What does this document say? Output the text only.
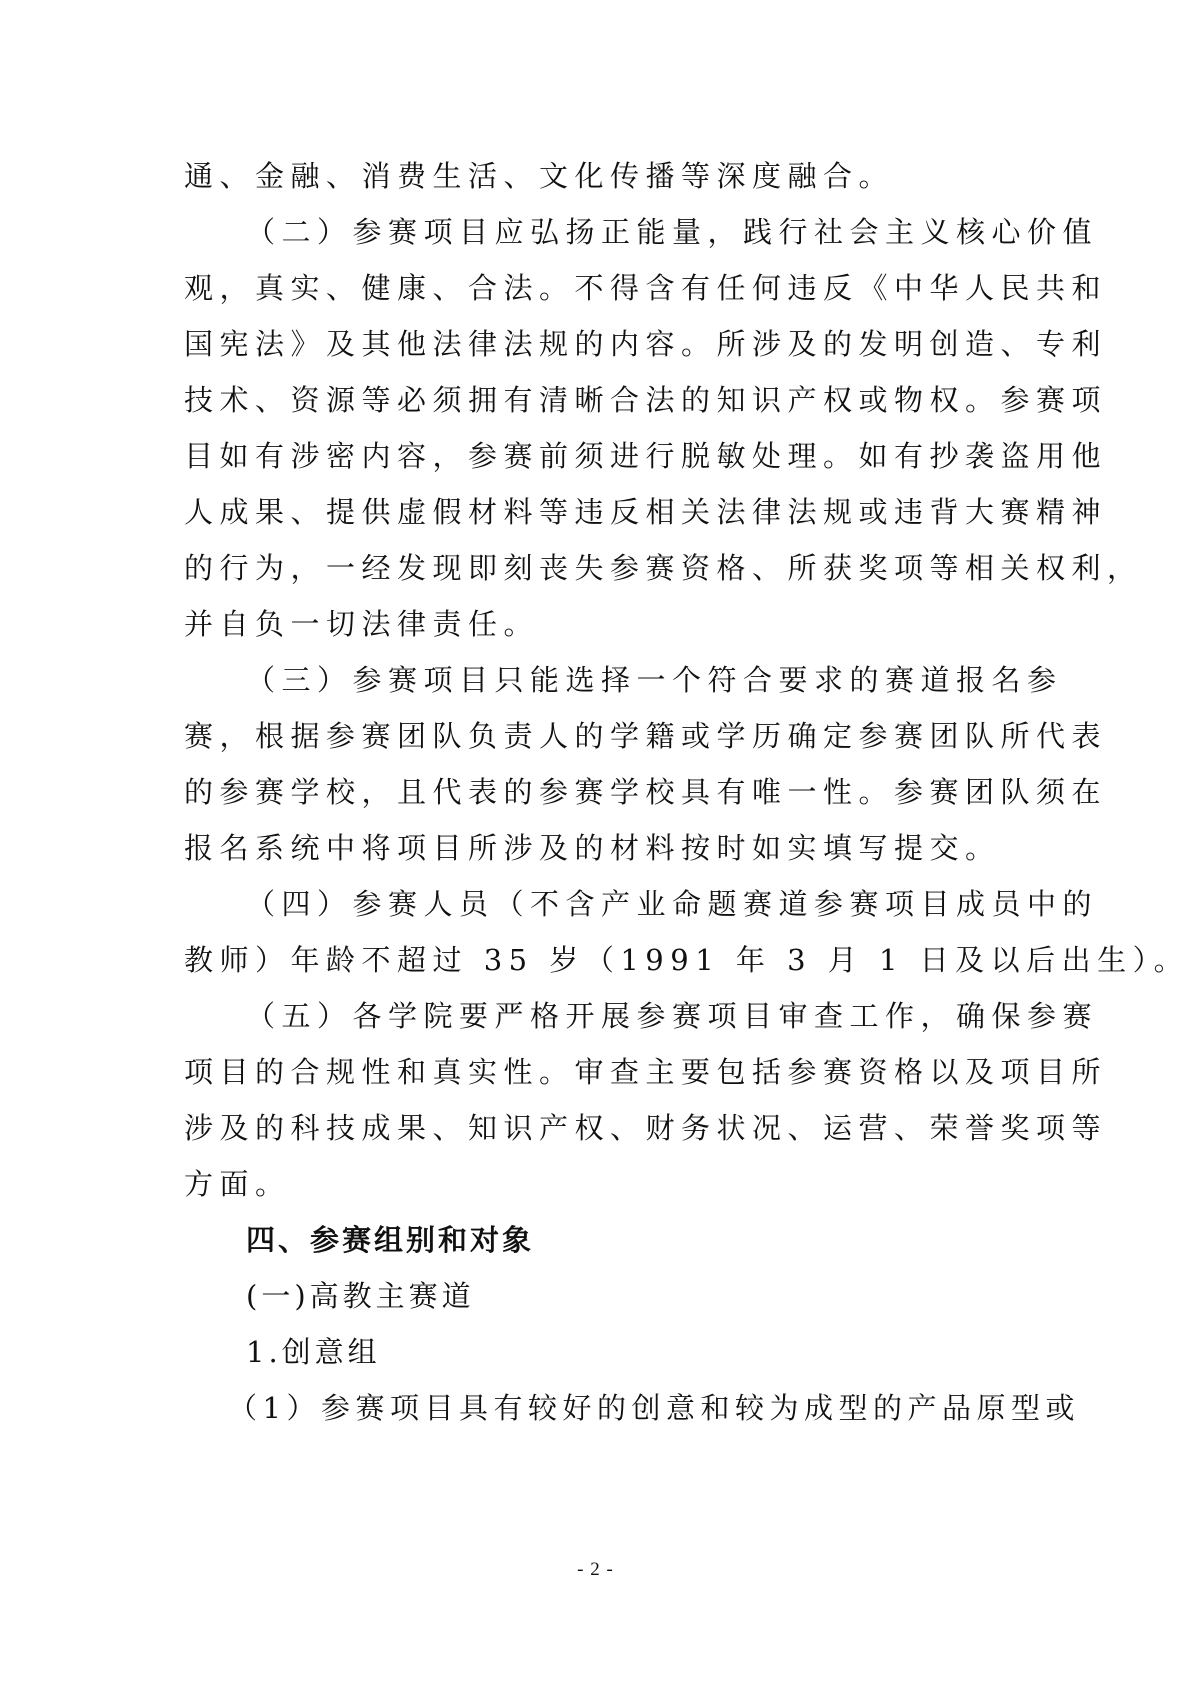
通、金融、消费生活、文化传播等深度融合。
（二）参赛项目应弘扬正能量，践行社会主义核心价值
观，真实、健康、合法。不得含有任何违反《中华人民共和
国宪法》及其他法律法规的内容。所涉及的发明创造、专利
技术、资源等必须拥有清晰合法的知识产权或物权。参赛项
目如有涉密内容，参赛前须进行脱敏处理。如有抄袭盗用他
人成果、提供虚假材料等违反相关法律法规或违背大赛精神
的行为，一经发现即刻丧失参赛资格、所获奖项等相关权利，
并自负一切法律责任。
（三）参赛项目只能选择一个符合要求的赛道报名参
赛，根据参赛团队负责人的学籍或学历确定参赛团队所代表
的参赛学校，且代表的参赛学校具有唯一性。参赛团队须在
报名系统中将项目所涉及的材料按时如实填写提交。
（四）参赛人员（不含产业命题赛道参赛项目成员中的
教师）年龄不超过 35 岁（1991 年 3 月 1 日及以后出生）。
（五）各学院要严格开展参赛项目审查工作，确保参赛
项目的合规性和真实性。审查主要包括参赛资格以及项目所
涉及的科技成果、知识产权、财务状况、运营、荣誉奖项等
方面。
四、参赛组别和对象
(一)高教主赛道
1.创意组
（1）参赛项目具有较好的创意和较为成型的产品原型或
- 2 -
